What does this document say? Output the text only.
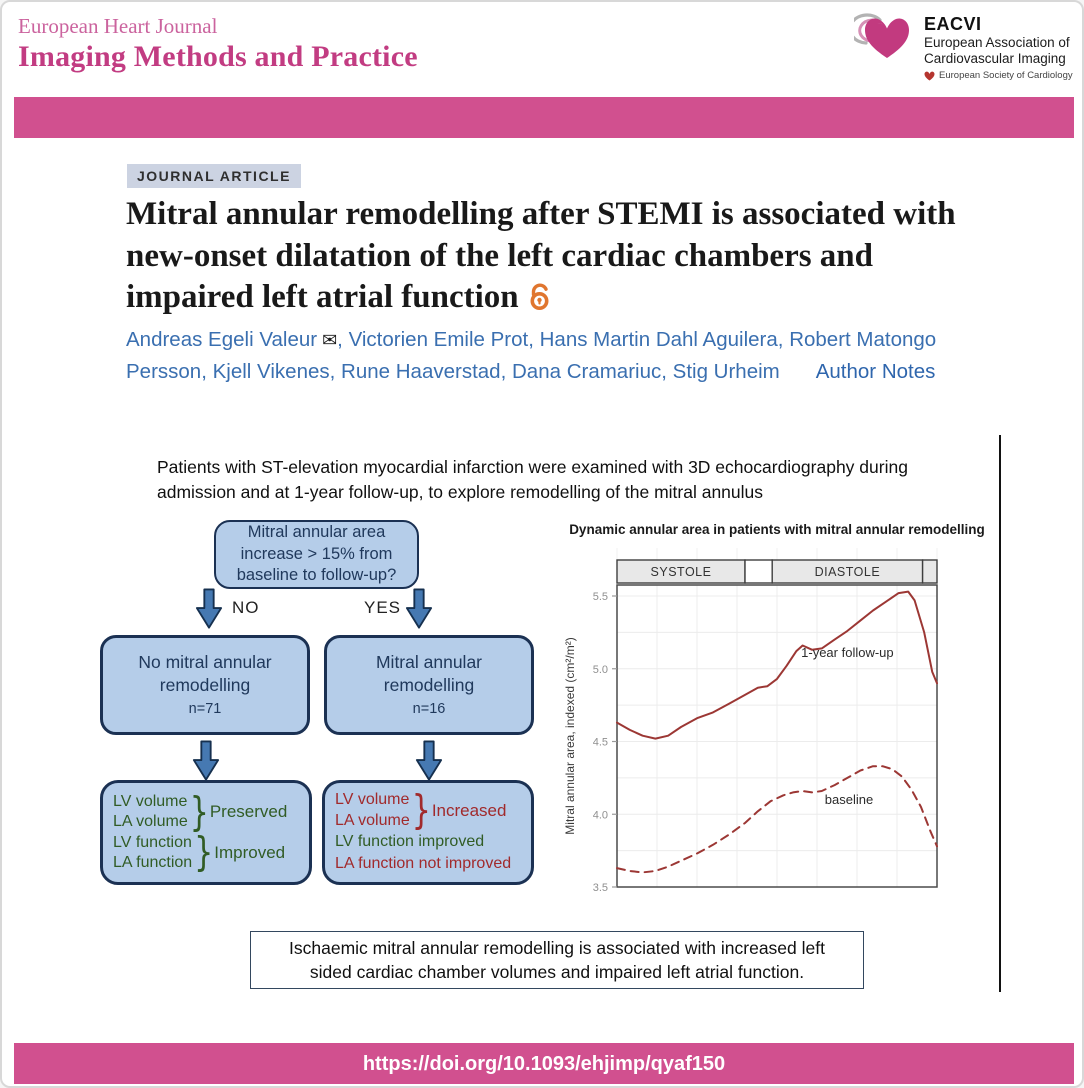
European Heart Journal
Imaging Methods and Practice
EACVI
European Association of
Cardiovascular Imaging
European Society of Cardiology
JOURNAL ARTICLE
Mitral annular remodelling after STEMI is associated with new-onset dilatation of the left cardiac chambers and impaired left atrial function

Andreas Egeli Valeur ✉, Victorien Emile Prot, Hans Martin Dahl Aguilera, Robert Matongo Persson, Kjell Vikenes, Rune Haaverstad, Dana Cramariuc, Stig Urheim Author Notes

Patients with ST-elevation myocardial infarction were examined with 3D echocardiography during admission and at 1-year follow-up, to explore remodelling of the mitral annulus

Mitral annular area increase > 15% from baseline to follow-up?
NO	YES
No mitral annular remodelling
n=71
Mitral annular remodelling
n=16
LV volume
LA volume } Preserved
LV function
LA function } Improved
LV volume
LA volume } Increased
LV function improved
LA function not improved
Dynamic annular area in patients with mitral annular remodelling
SYSTOLE	DIASTOLE
5.5
5.0
4.5
4.0
3.5
Mitral annular area, indexed (cm²/m²)	1-year follow-up
baseline
Ischaemic mitral annular remodelling is associated with increased left sided cardiac chamber volumes and impaired left atrial function.
https://doi.org/10.1093/ehjimp/qyaf150
